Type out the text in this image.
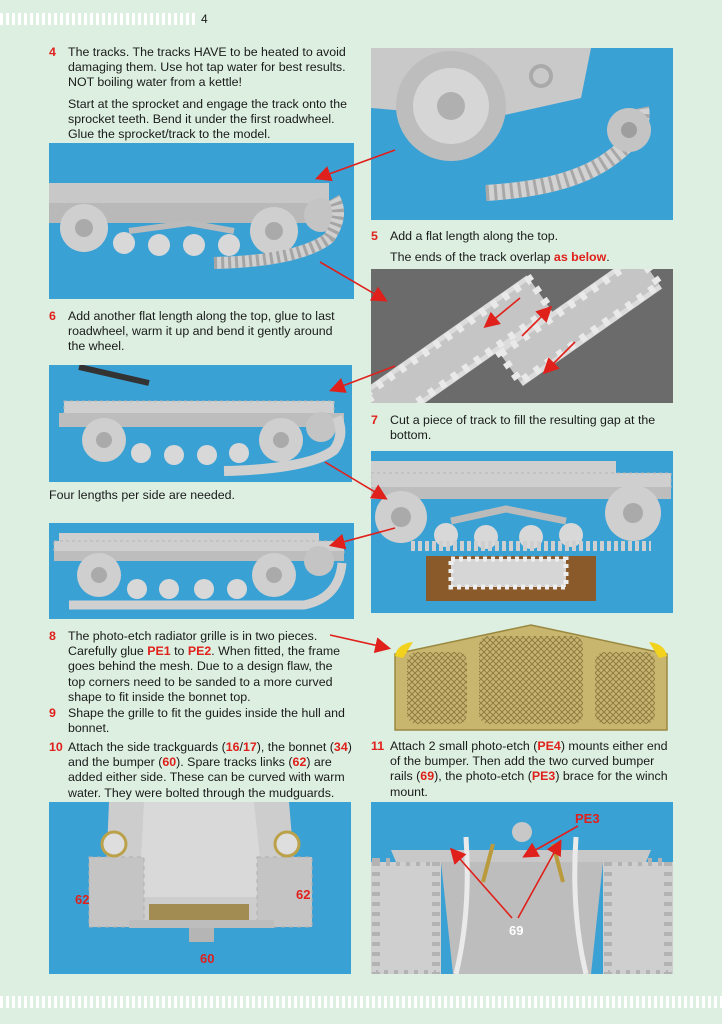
4
4 The tracks. The tracks HAVE to be heated to avoid damaging them. Use hot tap water for best results. NOT boiling water from a kettle!

Start at the sprocket and engage the track onto the sprocket teeth. Bend it under the first roadwheel. Glue the sprocket/track to the model.

5 Add a flat length along the top.

The ends of the track overlap as below.

6 Add another flat length along the top, glue to last roadwheel, warm it up and bend it gently around the wheel.

7 Cut a piece of track to fill the resulting gap at the bottom.

Four lengths per side are needed.
8 The photo-etch radiator grille is in two pieces. Carefully glue PE1 to PE2. When fitted, the frame goes behind the mesh. Due to a design flaw, the top corners need to be sanded to a more curved shape to fit inside the bonnet top.

9 Shape the grille to fit the guides inside the hull and bonnet.

10 Attach the side trackguards (16/17), the bonnet (34) and the bumper (60). Spare tracks links (62) are added either side. These can be curved with warm water. They were bolted through the mudguards.

11 Attach 2 small photo-etch (PE4) mounts either end of the bumper. Then add the two curved bumper rails (69), the photo-etch (PE3) brace for the winch mount.

62	62
60
PE3
69
